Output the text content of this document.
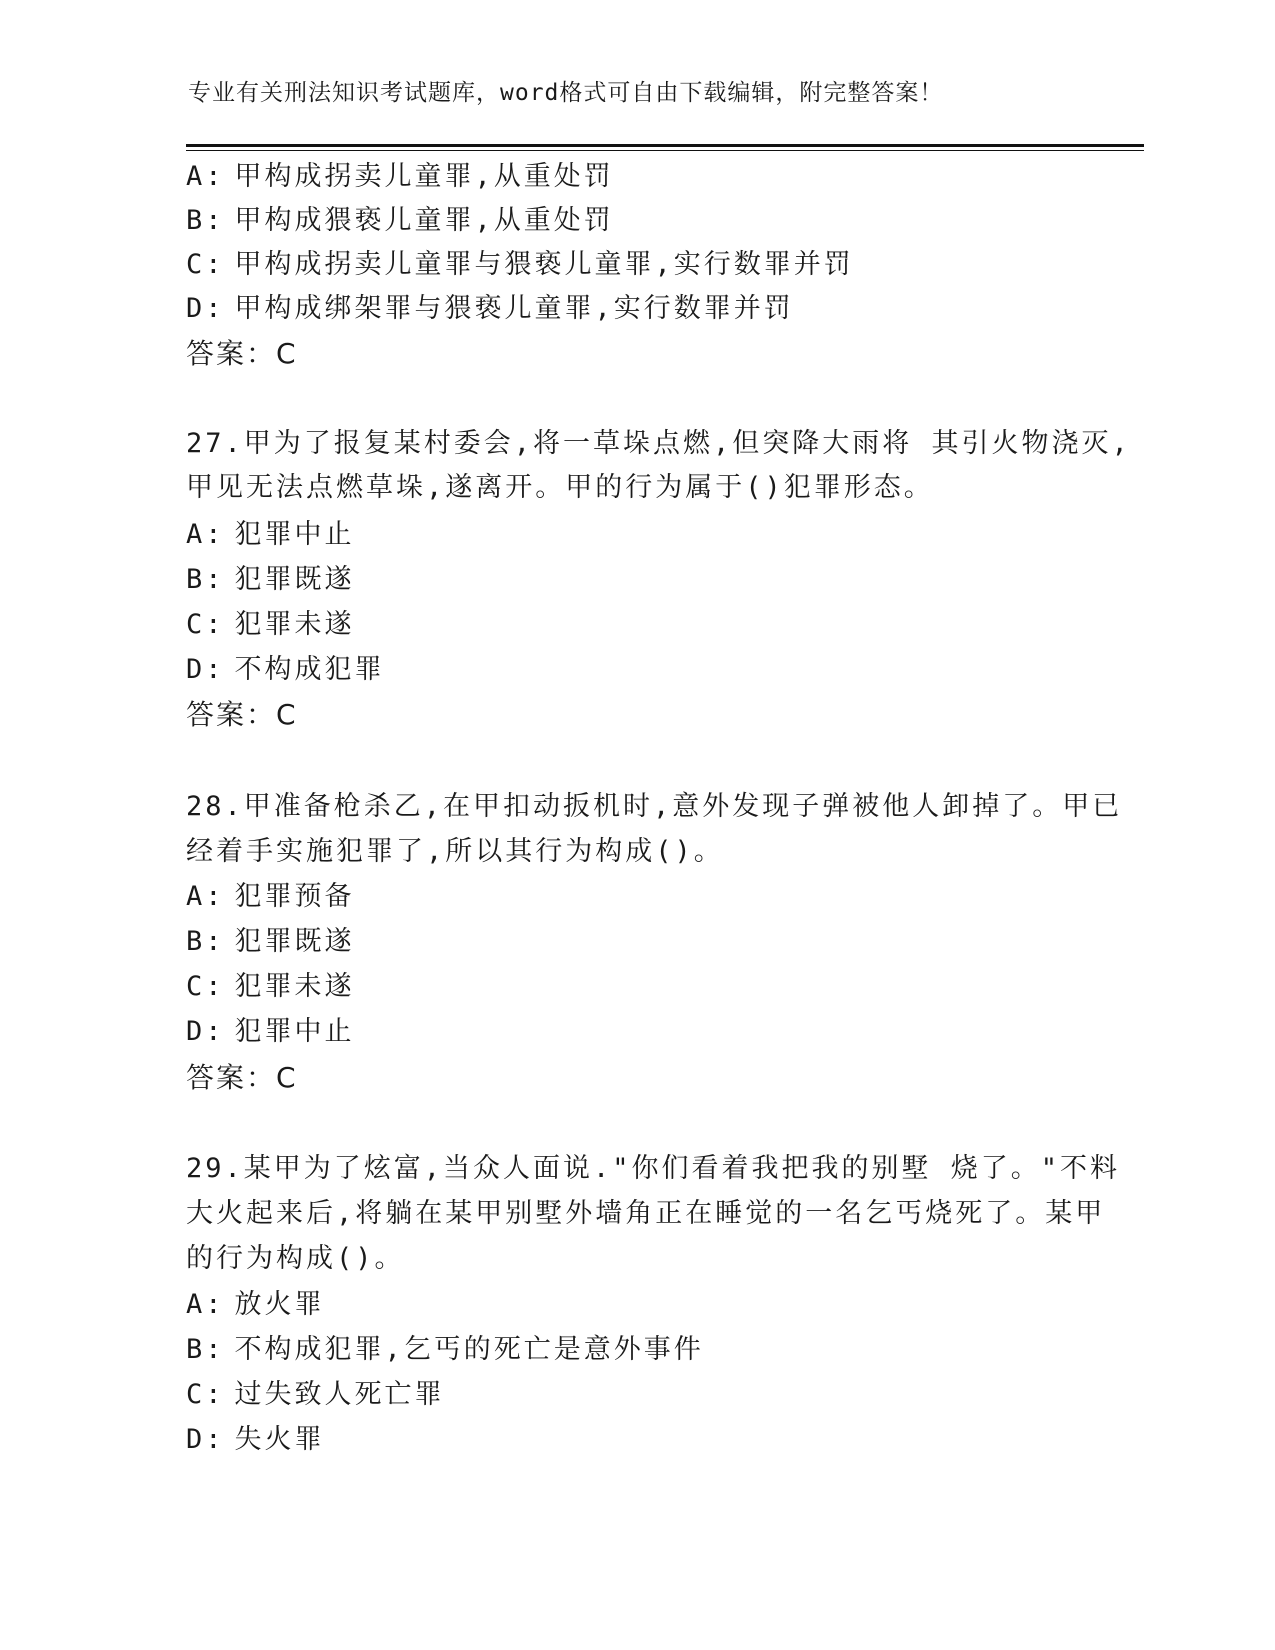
专业有关刑法知识考试题库，word格式可自由下载编辑，附完整答案！
A: 甲构成拐卖儿童罪,从重处罚
B: 甲构成猥亵儿童罪,从重处罚
C: 甲构成拐卖儿童罪与猥亵儿童罪,实行数罪并罚
D: 甲构成绑架罪与猥亵儿童罪,实行数罪并罚
答案：C
27.甲为了报复某村委会,将一草垛点燃,但突降大雨将 其引火物浇灭,
甲见无法点燃草垛,遂离开。甲的行为属于()犯罪形态。
A: 犯罪中止
B: 犯罪既遂
C: 犯罪未遂
D: 不构成犯罪
答案：C
28.甲准备枪杀乙,在甲扣动扳机时,意外发现子弹被他人卸掉了。甲已
经着手实施犯罪了,所以其行为构成()。
A: 犯罪预备
B: 犯罪既遂
C: 犯罪未遂
D: 犯罪中止
答案：C
29.某甲为了炫富,当众人面说."你们看着我把我的别墅 烧了。"不料
大火起来后,将躺在某甲别墅外墙角正在睡觉的一名乞丐烧死了。某甲
的行为构成()。
A: 放火罪
B: 不构成犯罪,乞丐的死亡是意外事件
C: 过失致人死亡罪
D: 失火罪
